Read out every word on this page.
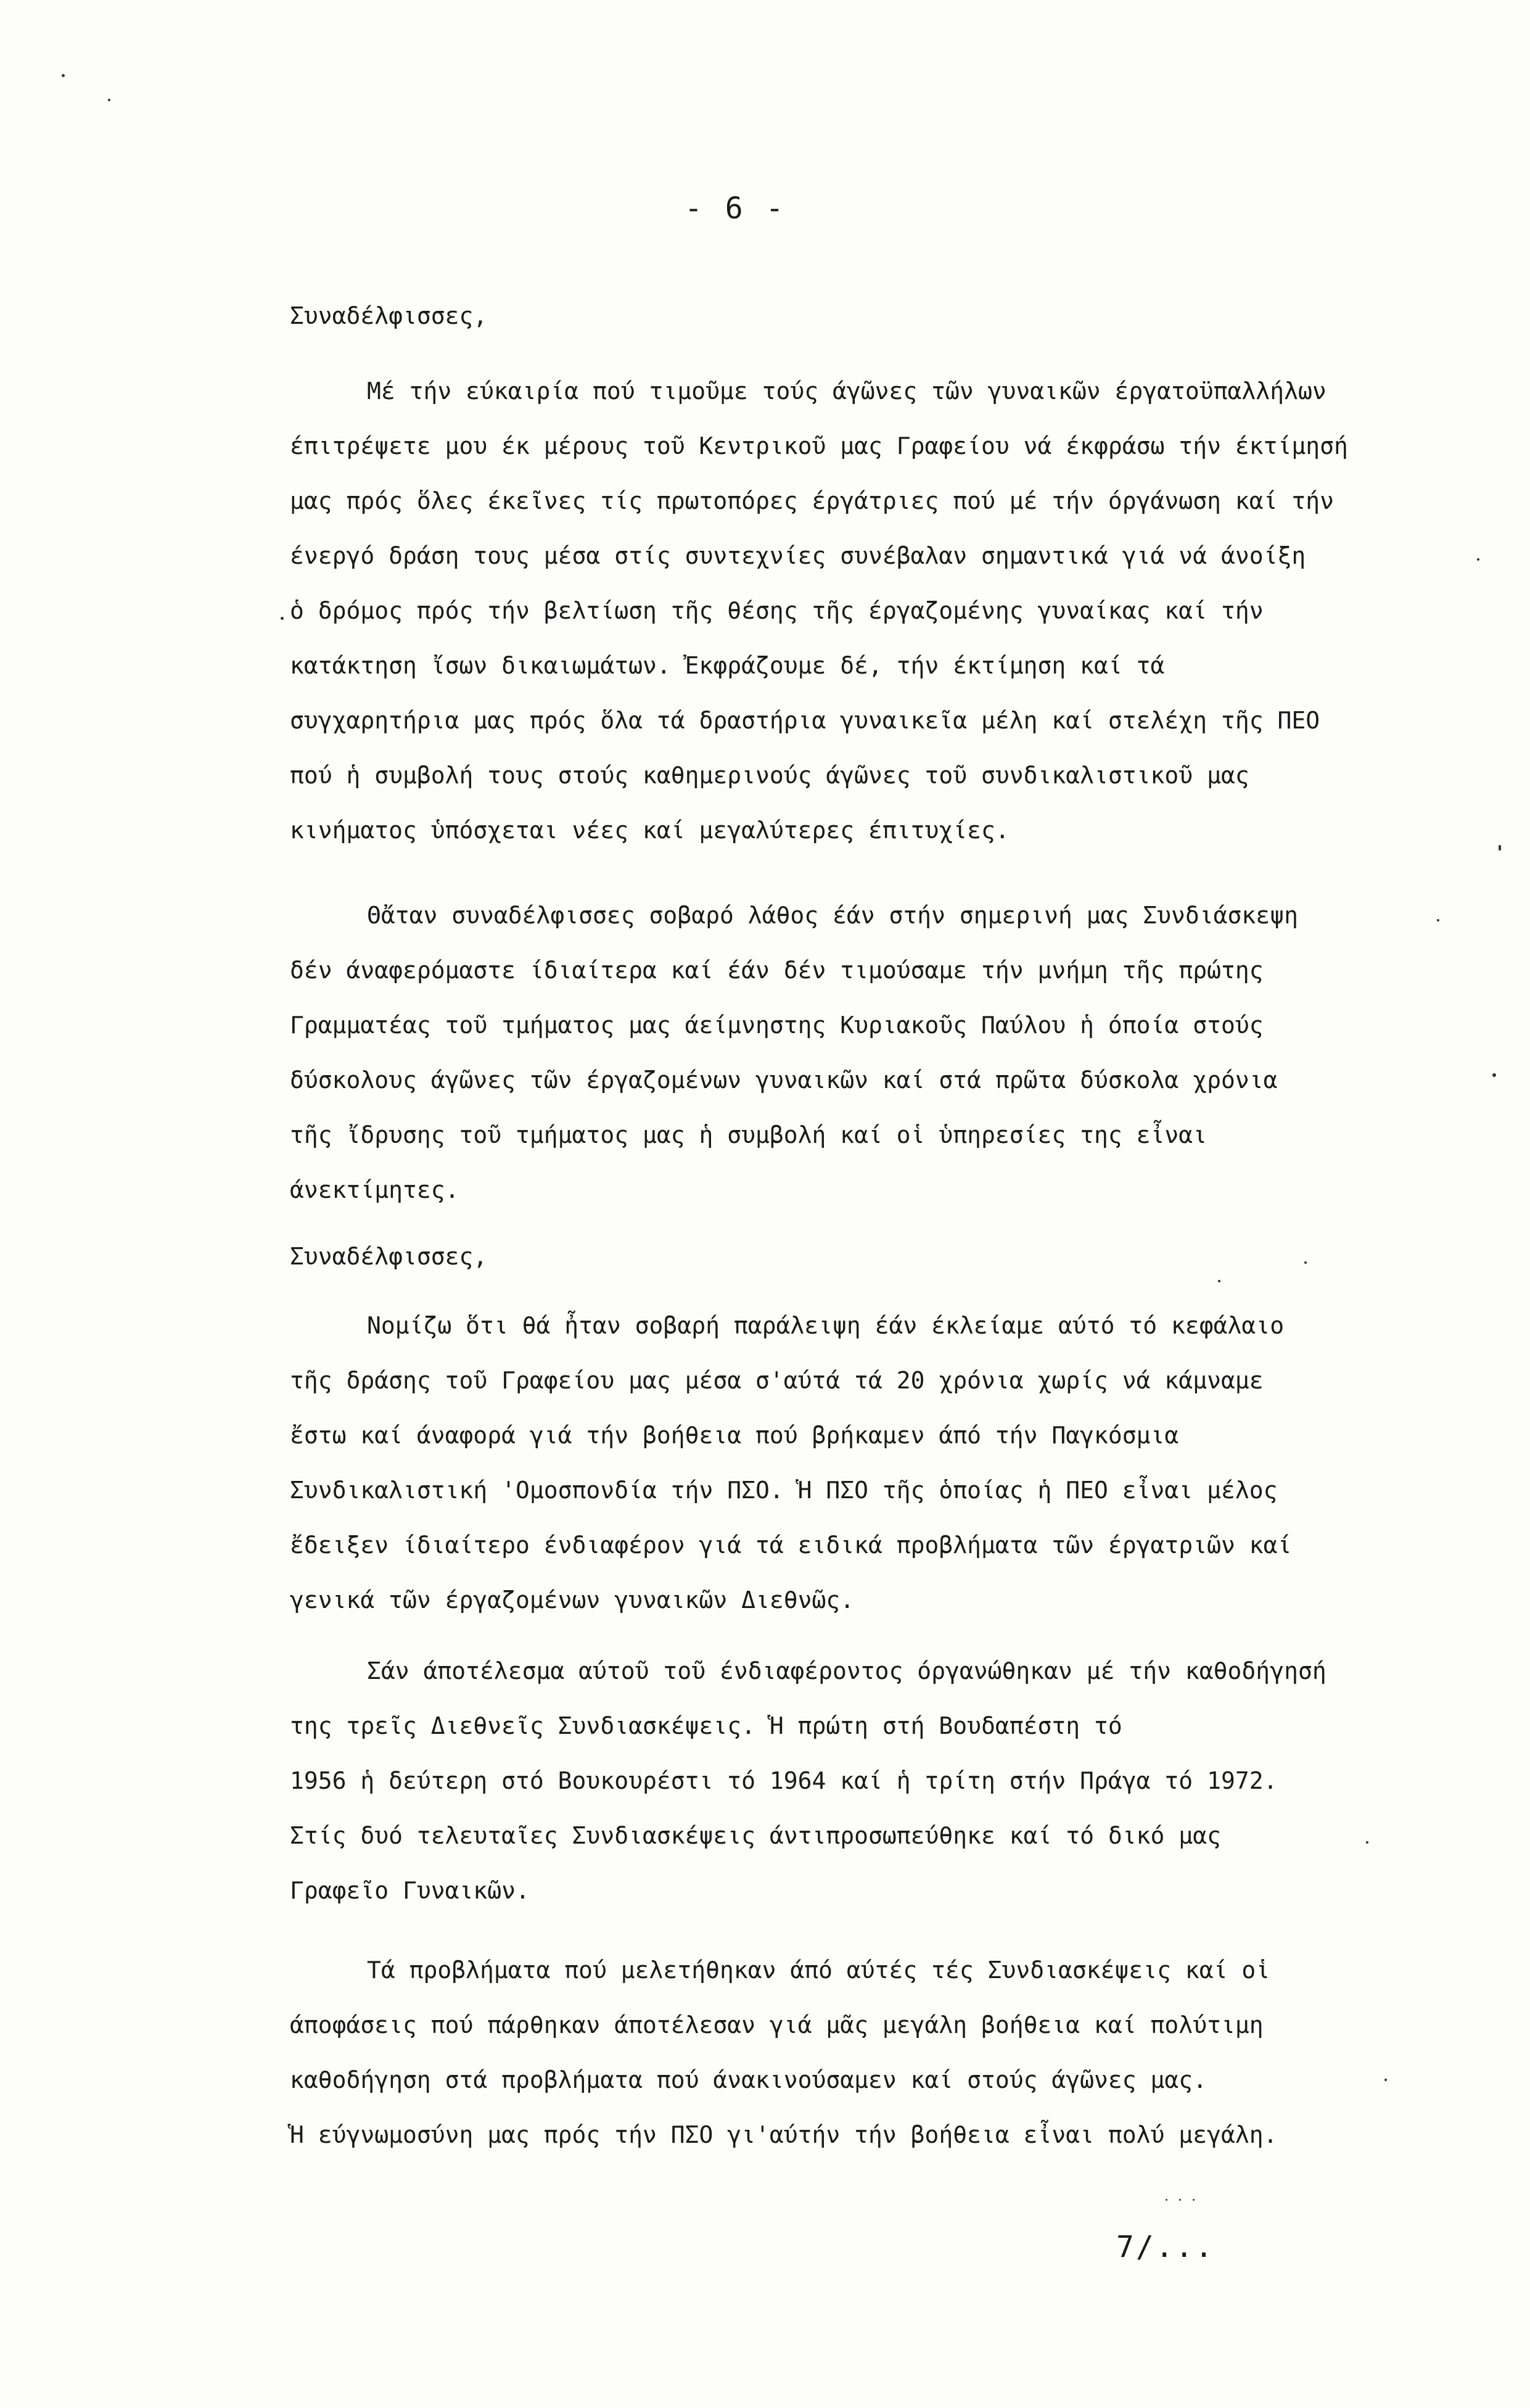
- 6 -
Συναδέλφισσες,
Μέ τήν εύκαιρία πού τιμοῦμε τούς άγῶνες τῶν γυναικῶν έργατοϋπαλλήλων
έπιτρέψετε μου έκ μέρους τοῦ Κεντρικοῦ μας Γραφείου νά έκφράσω τήν έκτίμησή
μας πρός ὅλες έκεῖνες τίς πρωτοπόρες έργάτριες πού μέ τήν όργάνωση καί τήν
ένεργό δράση τους μέσα στίς συντεχνίες συνέβαλαν σημαντικά γιά νά άνοίξη
ὁ δρόμος πρός τήν βελτίωση τῆς θέσης τῆς έργαζομένης γυναίκας καί τήν
κατάκτηση ἴσων δικαιωμάτων. Ἐκφράζουμε δέ, τήν έκτίμηση καί τά
συγχαρητήρια μας πρός ὅλα τά δραστήρια γυναικεῖα μέλη καί στελέχη τῆς ΠΕΟ
πού ἡ συμβολή τους στούς καθημερινούς άγῶνες τοῦ συνδικαλιστικοῦ μας
κινήματος ὑπόσχεται νέες καί μεγαλύτερες έπιτυχίες.
Θἄταν συναδέλφισσες σοβαρό λάθος έάν στήν σημερινή μας Συνδιάσκεψη
δέν άναφερόμαστε ίδιαίτερα καί έάν δέν τιμούσαμε τήν μνήμη τῆς πρώτης
Γραμματέας τοῦ τμήματος μας άείμνηστης Κυριακοῦς Παύλου ἡ όποία στούς
δύσκολους άγῶνες τῶν έργαζομένων γυναικῶν καί στά πρῶτα δύσκολα χρόνια
τῆς ἴδρυσης τοῦ τμήματος μας ἡ συμβολή καί οἱ ὑπηρεσίες της εἶναι
άνεκτίμητες.
Συναδέλφισσες,
Νομίζω ὅτι θά ἦταν σοβαρή παράλειψη έάν έκλείαμε αύτό τό κεφάλαιο
τῆς δράσης τοῦ Γραφείου μας μέσα σ'αύτά τά 20 χρόνια χωρίς νά κάμναμε
ἔστω καί άναφορά γιά τήν βοήθεια πού βρήκαμεν άπό τήν Παγκόσμια
Συνδικαλιστική 'Ομοσπονδία τήν ΠΣΟ. Ἡ ΠΣΟ τῆς ὁποίας ἡ ΠΕΟ εἶναι μέλος
ἔδειξεν ίδιαίτερο ένδιαφέρον γιά τά ειδικά προβλήματα τῶν έργατριῶν καί
γενικά τῶν έργαζομένων γυναικῶν Διεθνῶς.
Σάν άποτέλεσμα αύτοῦ τοῦ ένδιαφέροντος όργανώθηκαν μέ τήν καθοδήγησή
της τρεῖς Διεθνεῖς Συνδιασκέψεις. Ἡ πρώτη στή Βουδαπέστη τό
1956 ἡ δεύτερη στό Βουκουρέστι τό 1964 καί ἡ τρίτη στήν Πράγα τό 1972.
Στίς δυό τελευταῖες Συνδιασκέψεις άντιπροσωπεύθηκε καί τό δικό μας
Γραφεῖο Γυναικῶν.
Τά προβλήματα πού μελετήθηκαν άπό αύτές τές Συνδιασκέψεις καί οἱ
άποφάσεις πού πάρθηκαν άποτέλεσαν γιά μᾶς μεγάλη βοήθεια καί πολύτιμη
καθοδήγηση στά προβλήματα πού άνακινούσαμεν καί στούς άγῶνες μας.
Ἡ εύγνωμοσύνη μας πρός τήν ΠΣΟ γι'αύτήν τήν βοήθεια εἶναι πολύ μεγάλη.
7/...
